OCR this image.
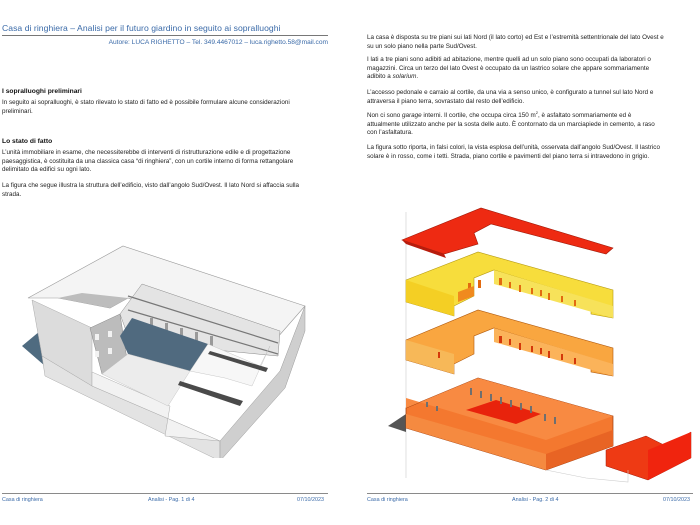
Casa di ringhiera – Analisi per il futuro giardino in seguito ai sopralluoghi
Autore: LUCA RIGHETTO – Tel. 349.4467012 – luca.righetto.58@mail.com
I sopralluoghi preliminari
In seguito ai sopralluoghi, è stato rilevato lo stato di fatto ed è possibile formulare alcune considerazioni
preliminari.
Lo stato di fatto
L’unità immobiliare in esame, che necessiterebbe di interventi di ristrutturazione edile e di progettazione
paesaggistica, è costituita da una classica casa “di ringhiera”, con un cortile interno di forma rettangolare
delimitato da edifici su ogni lato.
La figura che segue illustra la struttura dell’edificio, visto dall’angolo Sud/Ovest. Il lato Nord si affaccia sulla
strada.
Casa di ringhiera	Analisi - Pag. 1 di 4	07/10/2023
La casa è disposta su tre piani sui lati Nord (il lato corto) ed Est e l’estremità settentrionale del lato Ovest e
su un solo piano nella parte Sud/Ovest.
I lati a tre piani sono adibiti ad abitazione, mentre quelli ad un solo piano sono occupati da laboratori o
magazzini. Circa un terzo del lato Ovest è occupato da un lastrico solare che appare sommariamente
adibito a solarium.
L’accesso pedonale e carraio al cortile, da una via a senso unico, è configurato a tunnel sul lato Nord e
attraversa il piano terra, sovrastato dal resto dell’edificio.
Non ci sono garage interni. Il cortile, che occupa circa 150 $m^2$, è asfaltato sommariamente ed è
attualmente utilizzato anche per la sosta delle auto. È contornato da un marciapiede in cemento, a raso
con l’asfaltatura.
La figura sotto riporta, in falsi colori, la vista esplosa dell’unità, osservata dall’angolo Sud/Ovest. Il lastrico
solare è in rosso, come i tetti. Strada, piano cortile e pavimenti del piano terra si intravedono in grigio.
Casa di ringhiera	Analisi - Pag. 2 di 4	07/10/2023
